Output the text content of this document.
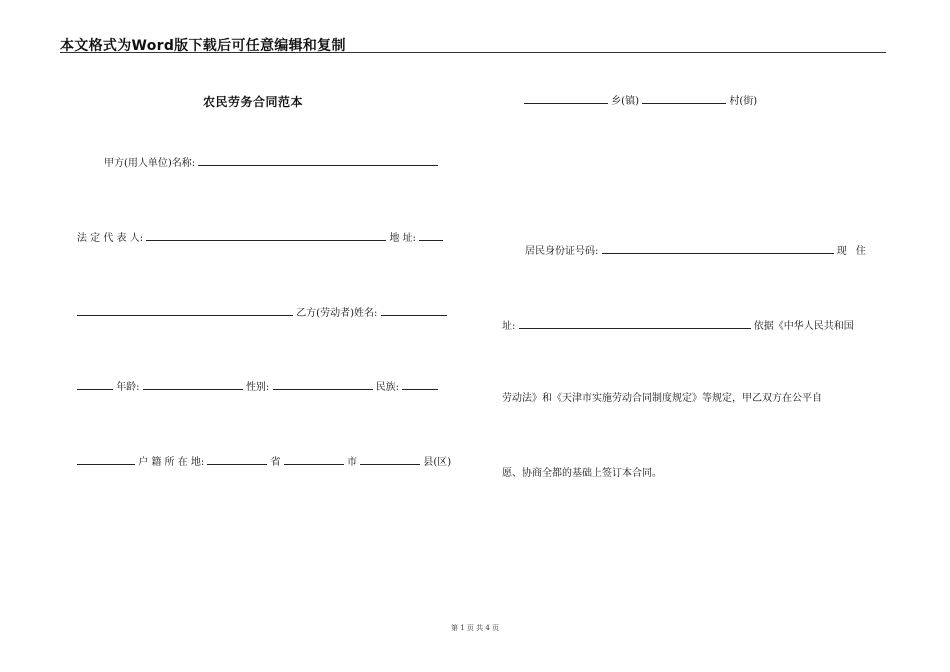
本文格式为Word版下载后可任意编辑和复制
农民劳务合同范本
甲方(用人单位)名称:
法 定 代 表 人:	地 址:
乙方(劳动者)姓名:
年龄:	性别:	民族:
户 籍 所 在 地:	省	市	县(区)
乡(镇)	村(街)
居民身份证号码:	现 住
址:	依据《中华人民共和国
劳动法》和《天津市实施劳动合同制度规定》等规定，甲乙双方在公平自
愿、协商全都的基础上签订本合同。
第 1 页 共 4 页
